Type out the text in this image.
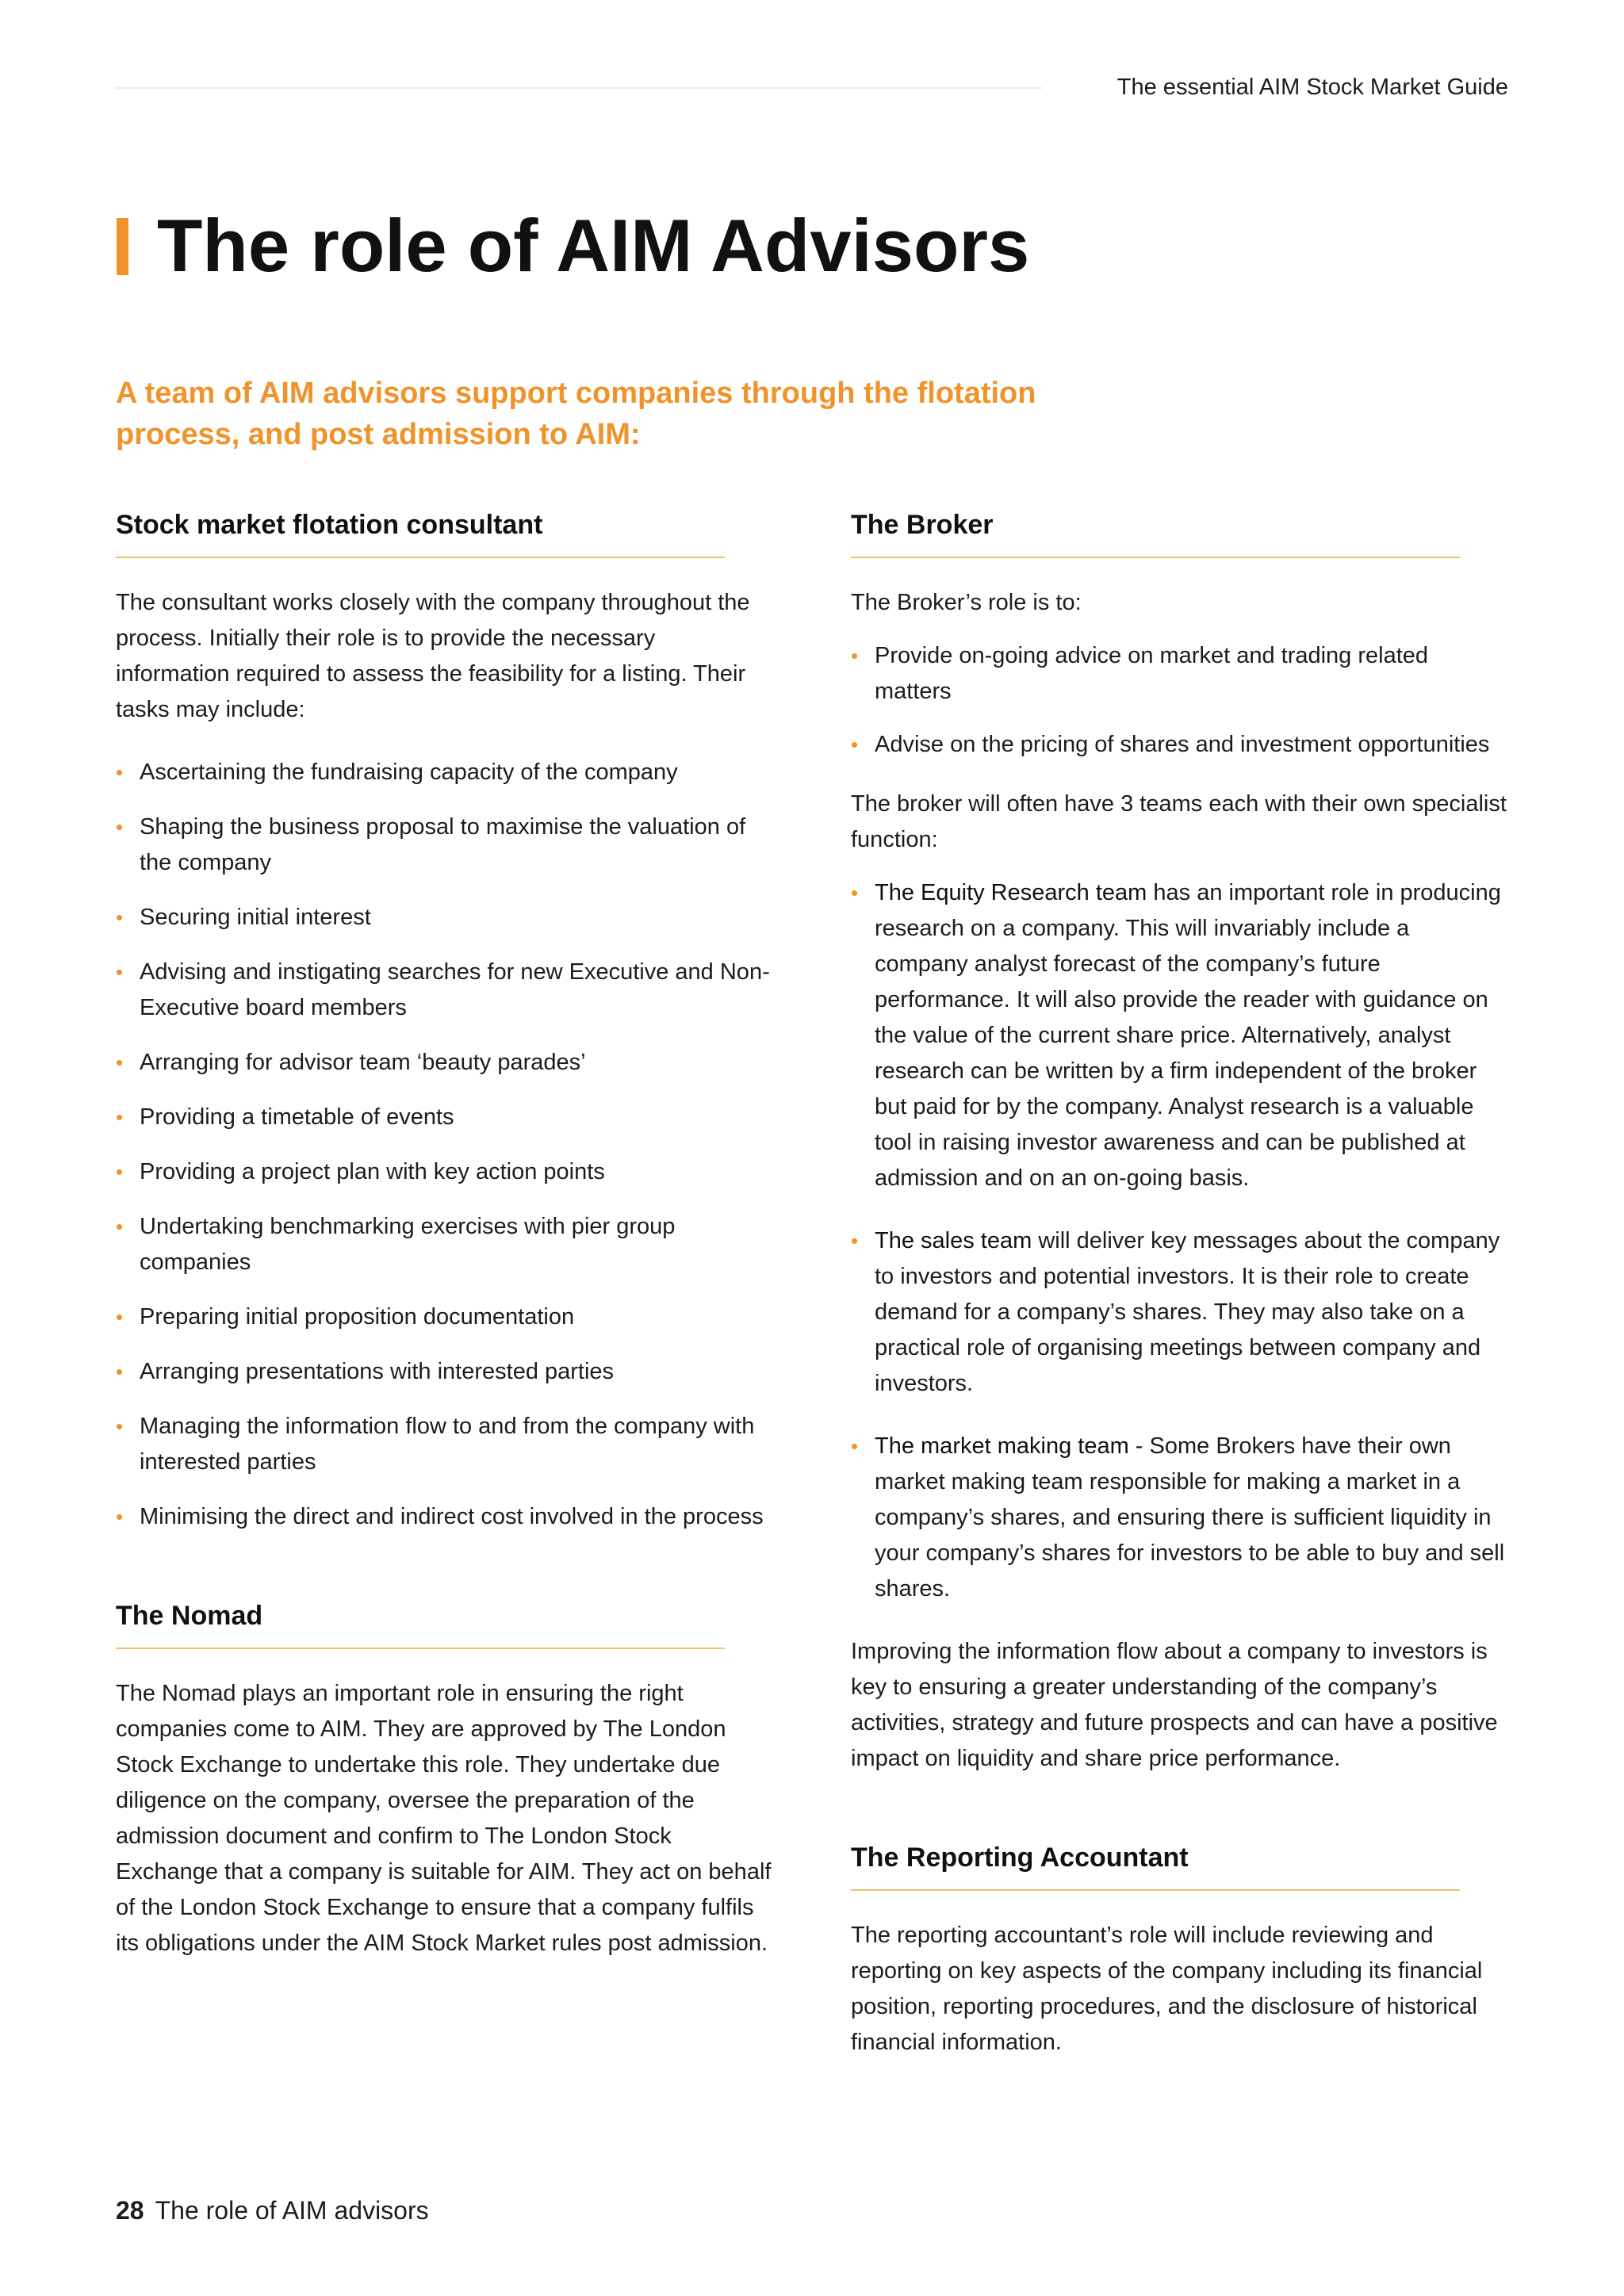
The essential AIM Stock Market Guide
The role of AIM Advisors

A team of AIM advisors support companies through the flotation process, and post admission to AIM:

Stock market flotation consultant

The consultant works closely with the company throughout the process. Initially their role is to provide the necessary information required to assess the feasibility for a listing. Their tasks may include:

• Ascertaining the fundraising capacity of the company
• Shaping the business proposal to maximise the valuation of the company
• Securing initial interest
• Advising and instigating searches for new Executive and Non-Executive board members
• Arranging for advisor team ‘beauty parades’
• Providing a timetable of events
• Providing a project plan with key action points
• Undertaking benchmarking exercises with pier group companies
• Preparing initial proposition documentation
• Arranging presentations with interested parties
• Managing the information flow to and from the company with interested parties
• Minimising the direct and indirect cost involved in the process
The Nomad

The Nomad plays an important role in ensuring the right companies come to AIM. They are approved by The London Stock Exchange to undertake this role. They undertake due diligence on the company, oversee the preparation of the admission document and confirm to The London Stock Exchange that a company is suitable for AIM. They act on behalf of the London Stock Exchange to ensure that a company fulfils its obligations under the AIM Stock Market rules post admission.

The Broker

The Broker’s role is to:

• Provide on-going advice on market and trading related matters
• Advise on the pricing of shares and investment opportunities

The broker will often have 3 teams each with their own specialist function:

• The Equity Research team has an important role in producing research on a company. This will invariably include a company analyst forecast of the company’s future performance. It will also provide the reader with guidance on the value of the current share price. Alternatively, analyst research can be written by a firm independent of the broker but paid for by the company. Analyst research is a valuable tool in raising investor awareness and can be published at admission and on an on-going basis.
• The sales team will deliver key messages about the company to investors and potential investors. It is their role to create demand for a company’s shares. They may also take on a practical role of organising meetings between company and investors.
• The market making team - Some Brokers have their own market making team responsible for making a market in a company’s shares, and ensuring there is sufficient liquidity in your company’s shares for investors to be able to buy and sell shares.

Improving the information flow about a company to investors is key to ensuring a greater understanding of the company’s activities, strategy and future prospects and can have a positive impact on liquidity and share price performance.

The Reporting Accountant

The reporting accountant’s role will include reviewing and reporting on key aspects of the company including its financial position, reporting procedures, and the disclosure of historical financial information.

28 The role of AIM advisors
